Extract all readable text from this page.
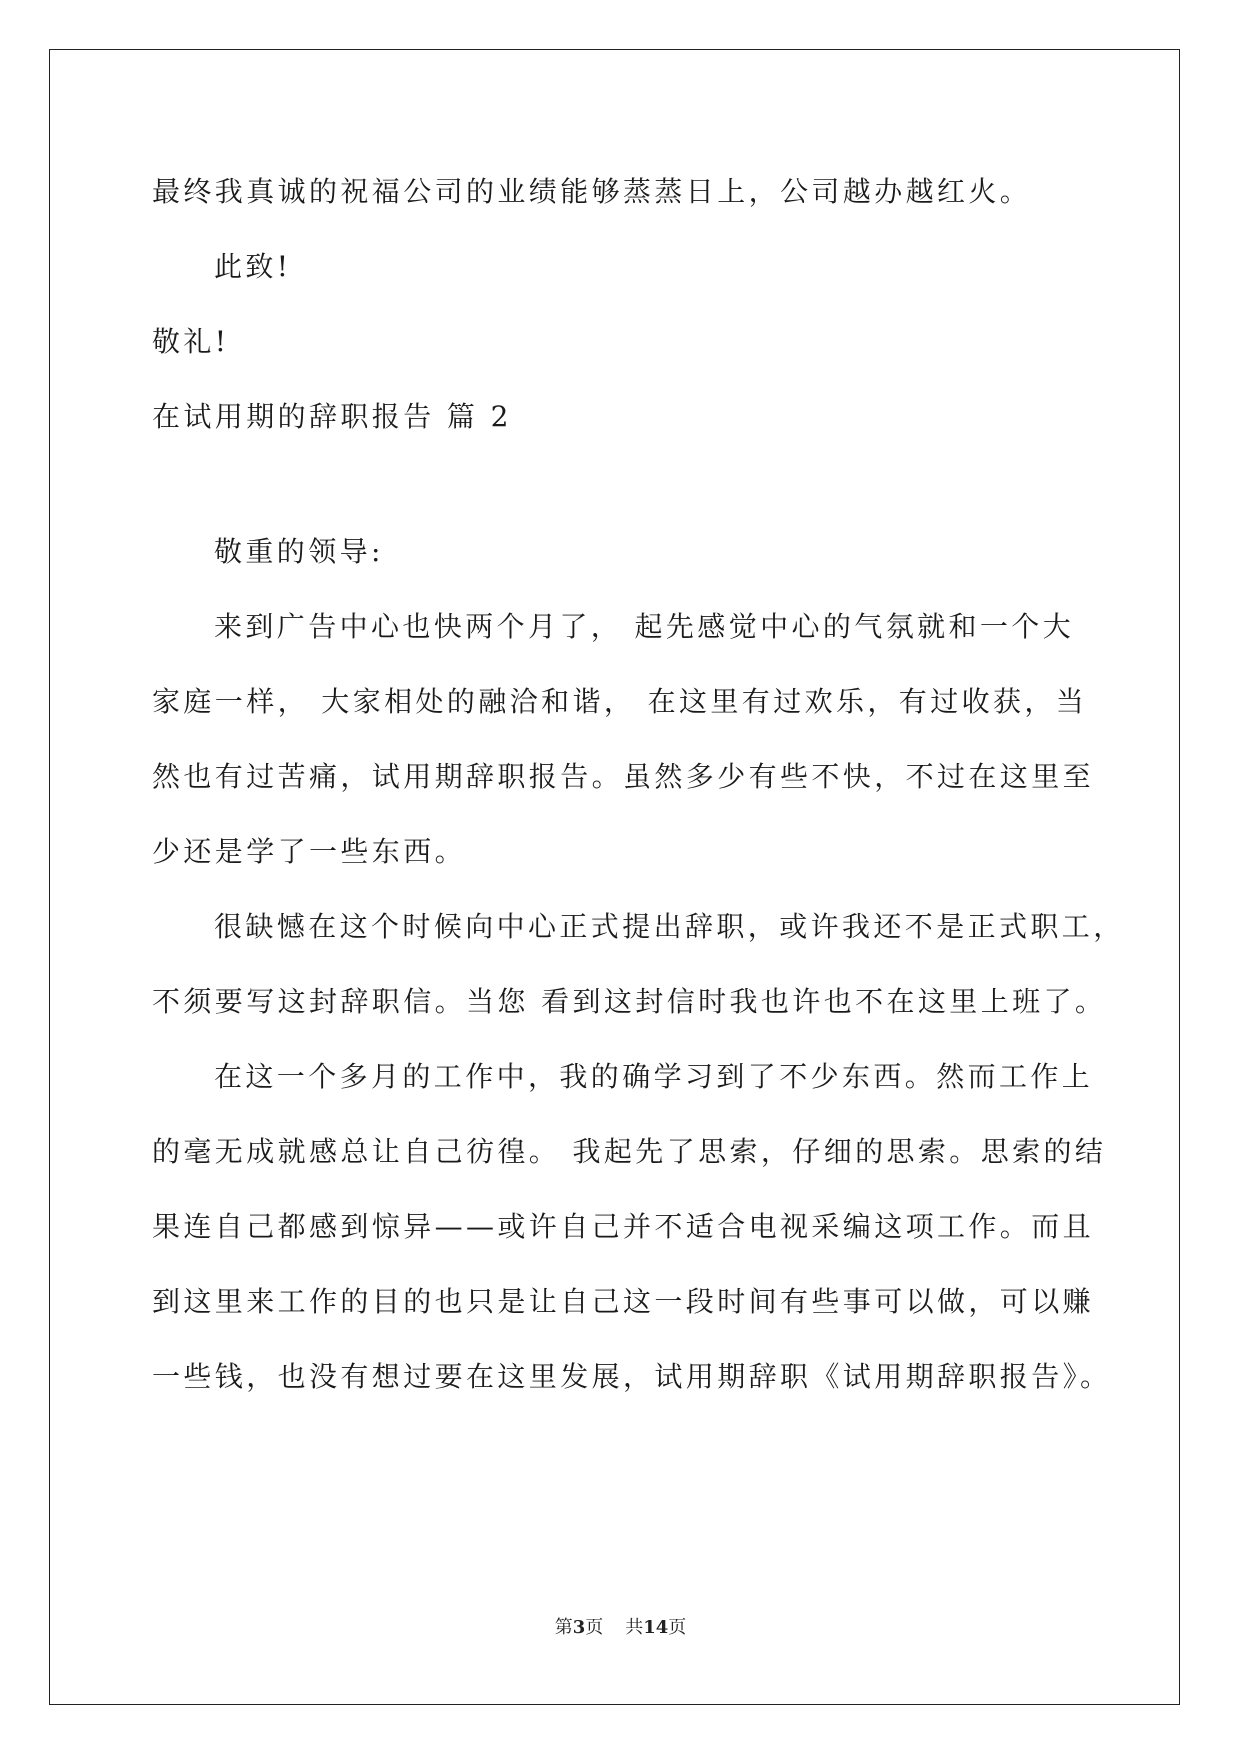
最终我真诚的祝福公司的业绩能够蒸蒸日上，公司越办越红火。
此致!
敬礼!
在试用期的辞职报告 篇 2
敬重的领导:
来到广告中心也快两个月了， 起先感觉中心的气氛就和一个大
家庭一样， 大家相处的融洽和谐， 在这里有过欢乐，有过收获，当
然也有过苦痛，试用期辞职报告。虽然多少有些不快，不过在这里至
少还是学了一些东西。
很缺憾在这个时候向中心正式提出辞职，或许我还不是正式职工，
不须要写这封辞职信。当您 看到这封信时我也许也不在这里上班了。
在这一个多月的工作中，我的确学习到了不少东西。然而工作上
的毫无成就感总让自己彷徨。 我起先了思索，仔细的思索。思索的结
果连自己都感到惊异——或许自己并不适合电视采编这项工作。而且
到这里来工作的目的也只是让自己这一段时间有些事可以做，可以赚
一些钱，也没有想过要在这里发展，试用期辞职《试用期辞职报告》。
第3页 共14页
